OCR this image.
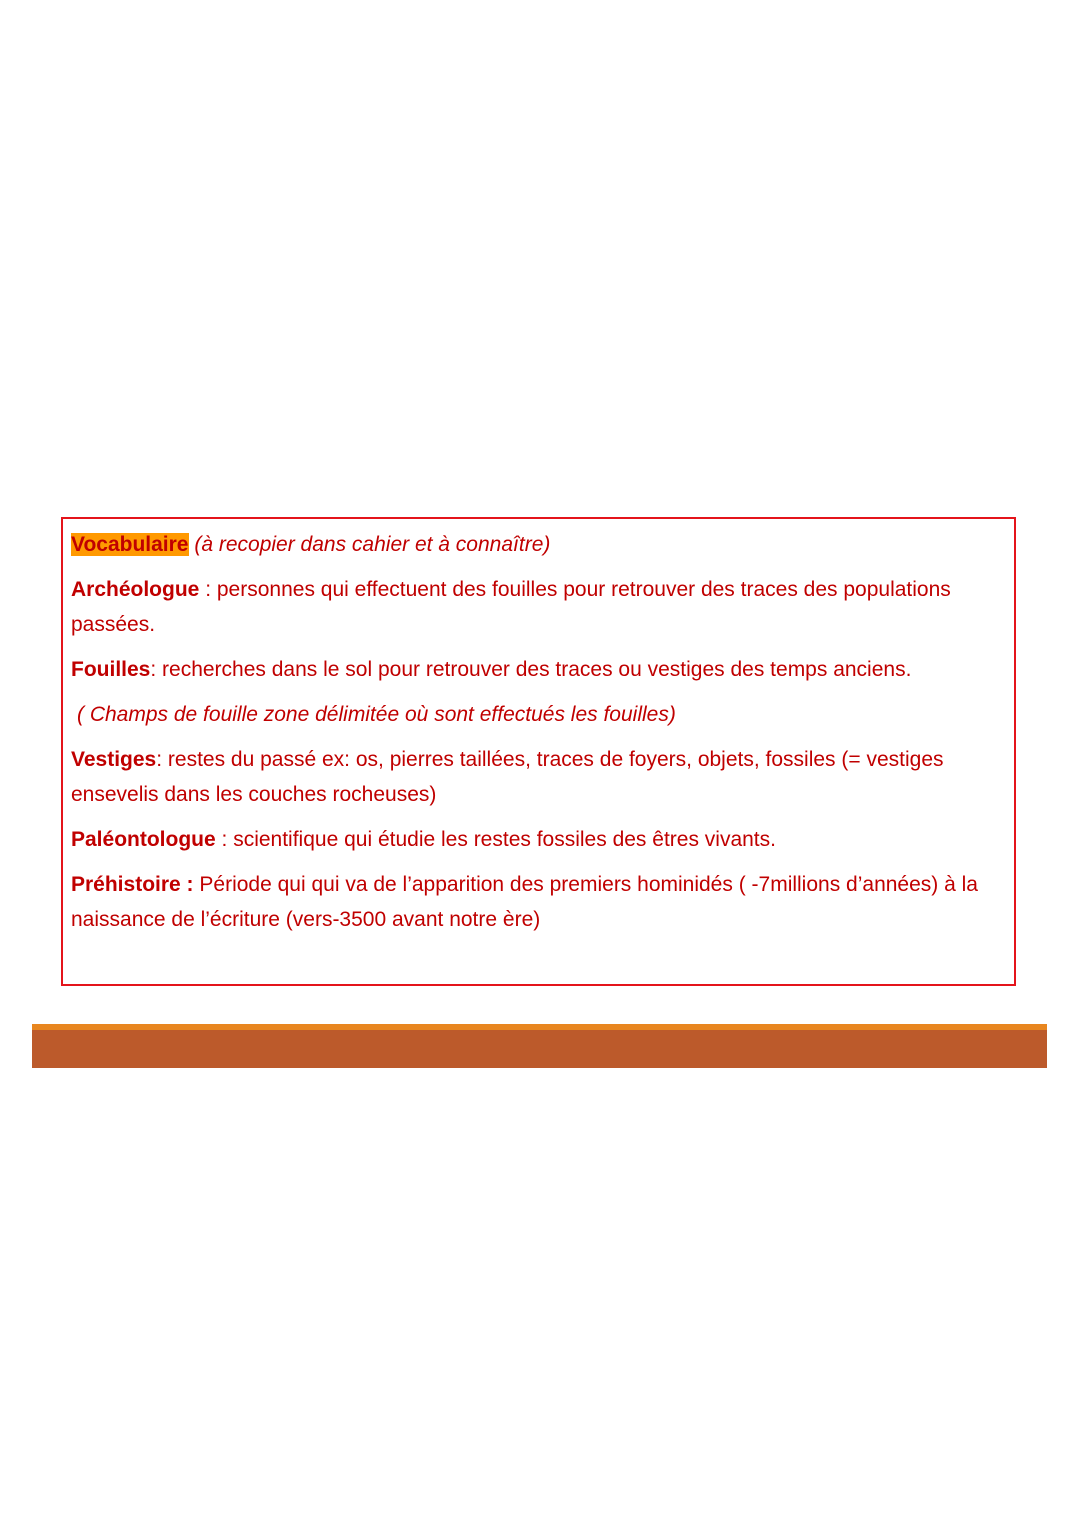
Vocabulaire (à recopier dans cahier et à connaître)

Archéologue : personnes qui effectuent des fouilles pour retrouver des traces des populations passées.

Fouilles: recherches dans le sol pour retrouver des traces ou vestiges des temps anciens.

( Champs de fouille zone délimitée où sont effectués les fouilles)

Vestiges: restes du passé ex: os, pierres taillées, traces de foyers, objets, fossiles (= vestiges ensevelis dans les couches rocheuses)

Paléontologue : scientifique qui étudie les restes fossiles des êtres vivants.

Préhistoire : Période qui qui va de l’apparition des premiers hominidés ( -7millions d’années) à la naissance de l’écriture (vers-3500 avant notre ère)
